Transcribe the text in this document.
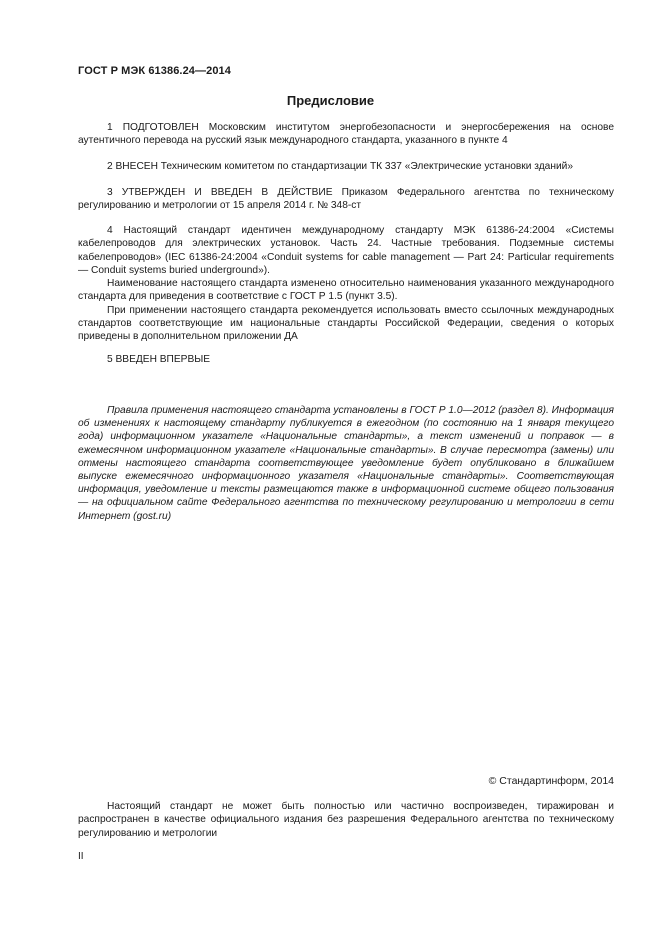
ГОСТ Р МЭК 61386.24—2014
Предисловие

1 ПОДГОТОВЛЕН Московским институтом энергобезопасности и энергосбережения на основе аутентичного перевода на русский язык международного стандарта, указанного в пункте 4

2 ВНЕСЕН Техническим комитетом по стандартизации ТК 337 «Электрические установки зданий»

3 УТВЕРЖДЕН И ВВЕДЕН В ДЕЙСТВИЕ Приказом Федерального агентства по техническому регулированию и метрологии от 15 апреля 2014 г. № 348-ст

4 Настоящий стандарт идентичен международному стандарту МЭК 61386-24:2004 «Системы кабелепроводов для электрических установок. Часть 24. Частные требования. Подземные системы кабелепроводов» (IEC 61386-24:2004 «Conduit systems for cable management — Part 24: Particular requirements — Conduit systems buried underground»).

Наименование настоящего стандарта изменено относительно наименования указанного международного стандарта для приведения в соответствие с ГОСТ Р 1.5 (пункт 3.5).

При применении настоящего стандарта рекомендуется использовать вместо ссылочных международных стандартов соответствующие им национальные стандарты Российской Федерации, сведения о которых приведены в дополнительном приложении ДА

5 ВВЕДЕН ВПЕРВЫЕ

Правила применения настоящего стандарта установлены в ГОСТ Р 1.0—2012 (раздел 8). Информация об изменениях к настоящему стандарту публикуется в ежегодном (по состоянию на 1 января текущего года) информационном указателе «Национальные стандарты», а текст изменений и поправок — в ежемесячном информационном указателе «Национальные стандарты». В случае пересмотра (замены) или отмены настоящего стандарта соответствующее уведомление будет опубликовано в ближайшем выпуске ежемесячного информационного указателя «Национальные стандарты». Соответствующая информация, уведомление и тексты размещаются также в информационной системе общего пользования — на официальном сайте Федерального агентства по техническому регулированию и метрологии в сети Интернет (gost.ru)
© Стандартинформ, 2014
Настоящий стандарт не может быть полностью или частично воспроизведен, тиражирован и распространен в качестве официального издания без разрешения Федерального агентства по техническому регулированию и метрологии
II
